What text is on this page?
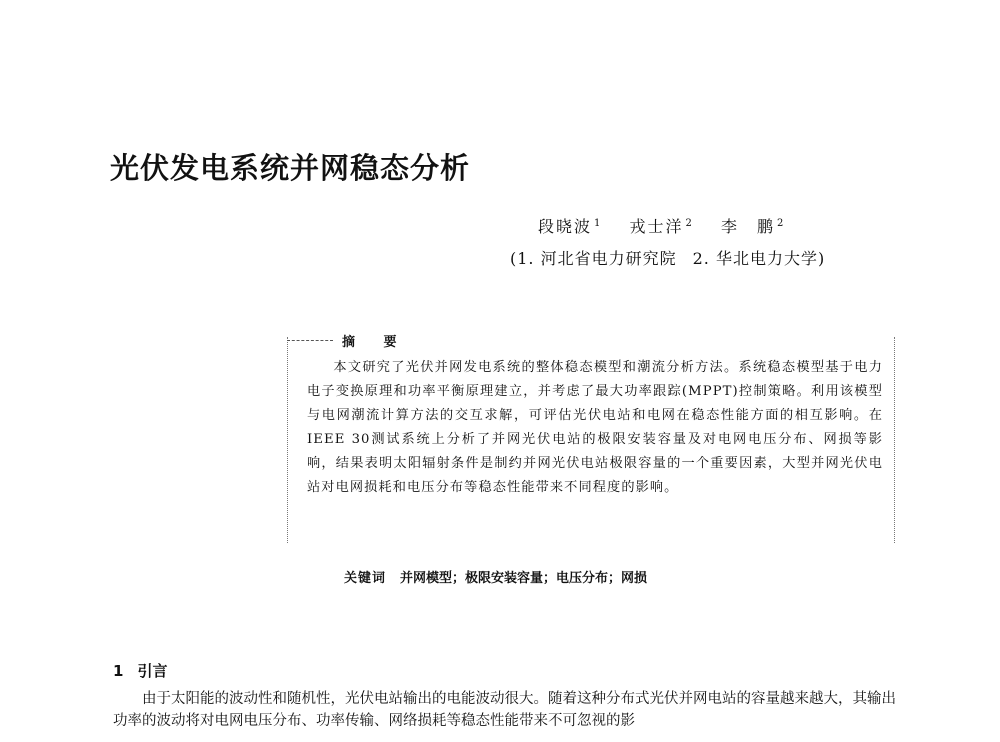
光伏发电系统并网稳态分析
段晓波 $^1$ 戎士洋 $^2$ 李　鹏 $^2$
(1. 河北省电力研究院 2. 华北电力大学)
摘 要

本文研究了光伏并网发电系统的整体稳态模型和潮流分析方法。系统稳态模型基于电力电子变换原理和功率平衡原理建立，并考虑了最大功率跟踪(MPPT)控制策略。利用该模型与电网潮流计算方法的交互求解，可评估光伏电站和电网在稳态性能方面的相互影响。在IEEE 30测试系统上分析了并网光伏电站的极限安装容量及对电网电压分布、网损等影响，结果表明太阳辐射条件是制约并网光伏电站极限容量的一个重要因素，大型并网光伏电站对电网损耗和电压分布等稳态性能带来不同程度的影响。

关键词 并网模型；极限安装容量；电压分布；网损
1 引言

由于太阳能的波动性和随机性，光伏电站输出的电能波动很大。随着这种分布式光伏并网电站的容量越来越大，其输出功率的波动将对电网电压分布、功率传输、网络损耗等稳态性能带来不可忽视的影
